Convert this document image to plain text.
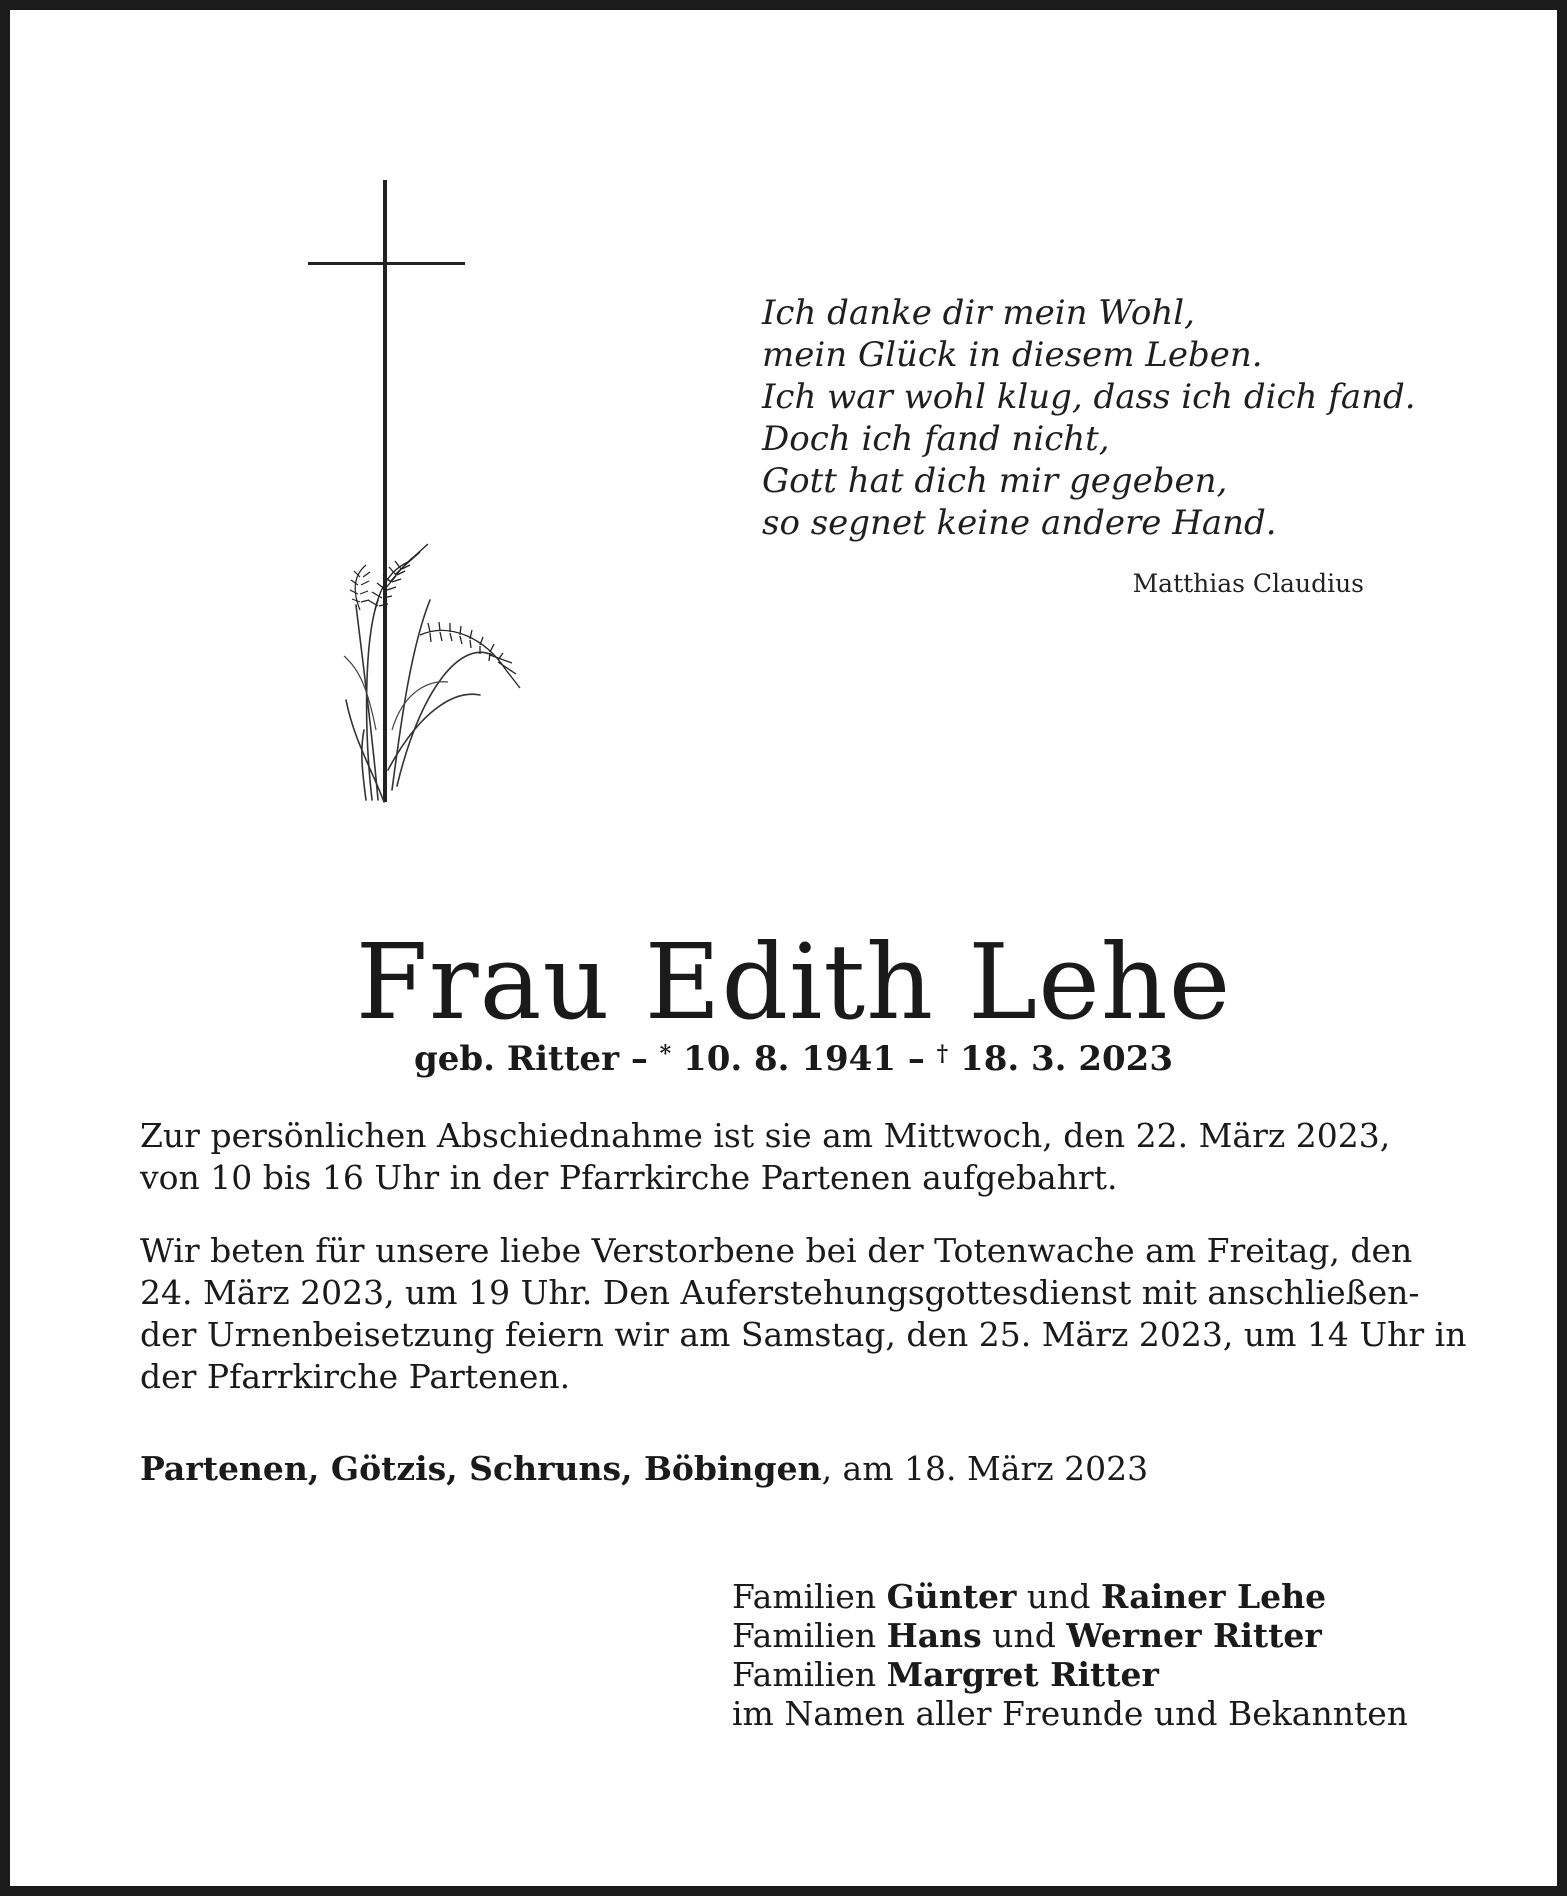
Ich danke dir mein Wohl,
mein Glück in diesem Leben.
Ich war wohl klug, dass ich dich fand.
Doch ich fand nicht,
Gott hat dich mir gegeben,
so segnet keine andere Hand.
Matthias Claudius
Frau Edith Lehe
geb. Ritter – * 10. 8. 1941 – † 18. 3. 2023
Zur persönlichen Abschiednahme ist sie am Mittwoch, den 22. März 2023,
von 10 bis 16 Uhr in der Pfarrkirche Partenen aufgebahrt.
Wir beten für unsere liebe Verstorbene bei der Totenwache am Freitag, den
24. März 2023, um 19 Uhr. Den Auferstehungsgottesdienst mit anschließen-
der Urnenbeisetzung feiern wir am Samstag, den 25. März 2023, um 14 Uhr in
der Pfarrkirche Partenen.
Partenen, Götzis, Schruns, Böbingen, am 18. März 2023
Familien Günter und Rainer Lehe
Familien Hans und Werner Ritter
Familien Margret Ritter
im Namen aller Freunde und Bekannten
